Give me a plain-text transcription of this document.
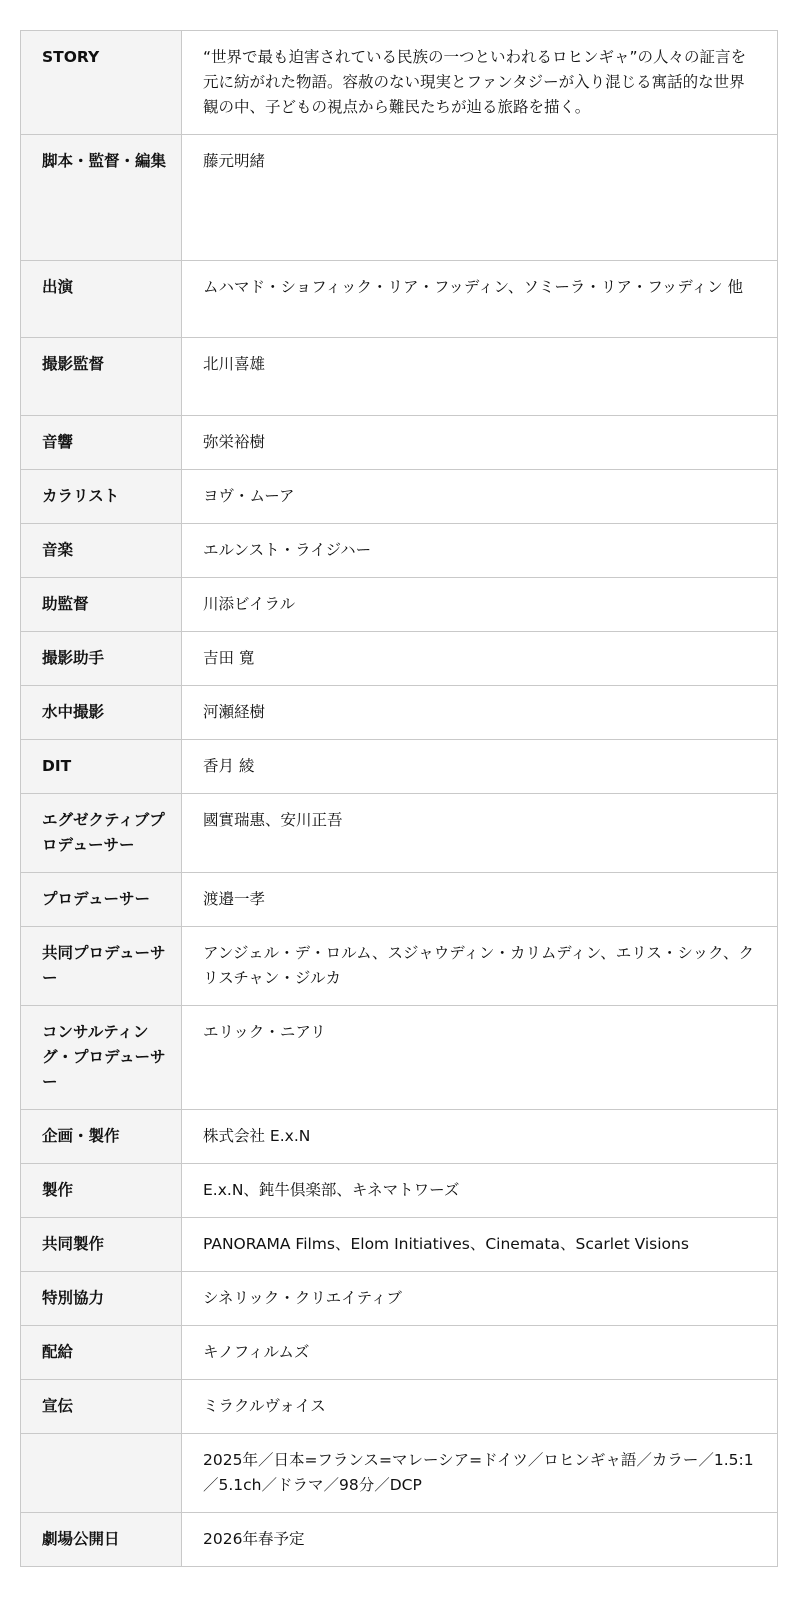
STORY	“世界で最も迫害されている民族の一つといわれるロヒンギャ”の人々の証言を元に紡がれた物語。容赦のない現実とファンタジーが入り混じる寓話的な世界観の中、子どもの視点から難民たちが辿る旅路を描く。
脚本・監督・編集	藤元明緒
出演	ムハマド・ショフィック・リア・フッディン、ソミーラ・リア・フッディン 他
撮影監督	北川喜雄
音響	弥栄裕樹
カラリスト	ヨヴ・ムーア
音楽	エルンスト・ライジハー
助監督	川添ビイラル
撮影助手	吉田 寛
水中撮影	河瀬経樹
DIT	香月 綾
エグゼクティブプロデューサー	國實瑞惠、安川正吾
プロデューサー	渡邉一孝
共同プロデューサー	アンジェル・デ・ロルム、スジャウディン・カリムディン、エリス・シック、クリスチャン・ジルカ
コンサルティング・プロデューサー	エリック・ニアリ
企画・製作	株式会社 E.x.N
製作	E.x.N、鈍牛倶楽部、キネマトワーズ
共同製作	PANORAMA Films、Elom Initiatives、Cinemata、Scarlet Visions
特別協力	シネリック・クリエイティブ
配給	キノフィルムズ
宣伝	ミラクルヴォイス
	2025年／日本=フランス=マレーシア=ドイツ／ロヒンギャ語／カラー／1.5:1／5.1ch／ドラマ／98分／DCP
劇場公開日	2026年春予定
